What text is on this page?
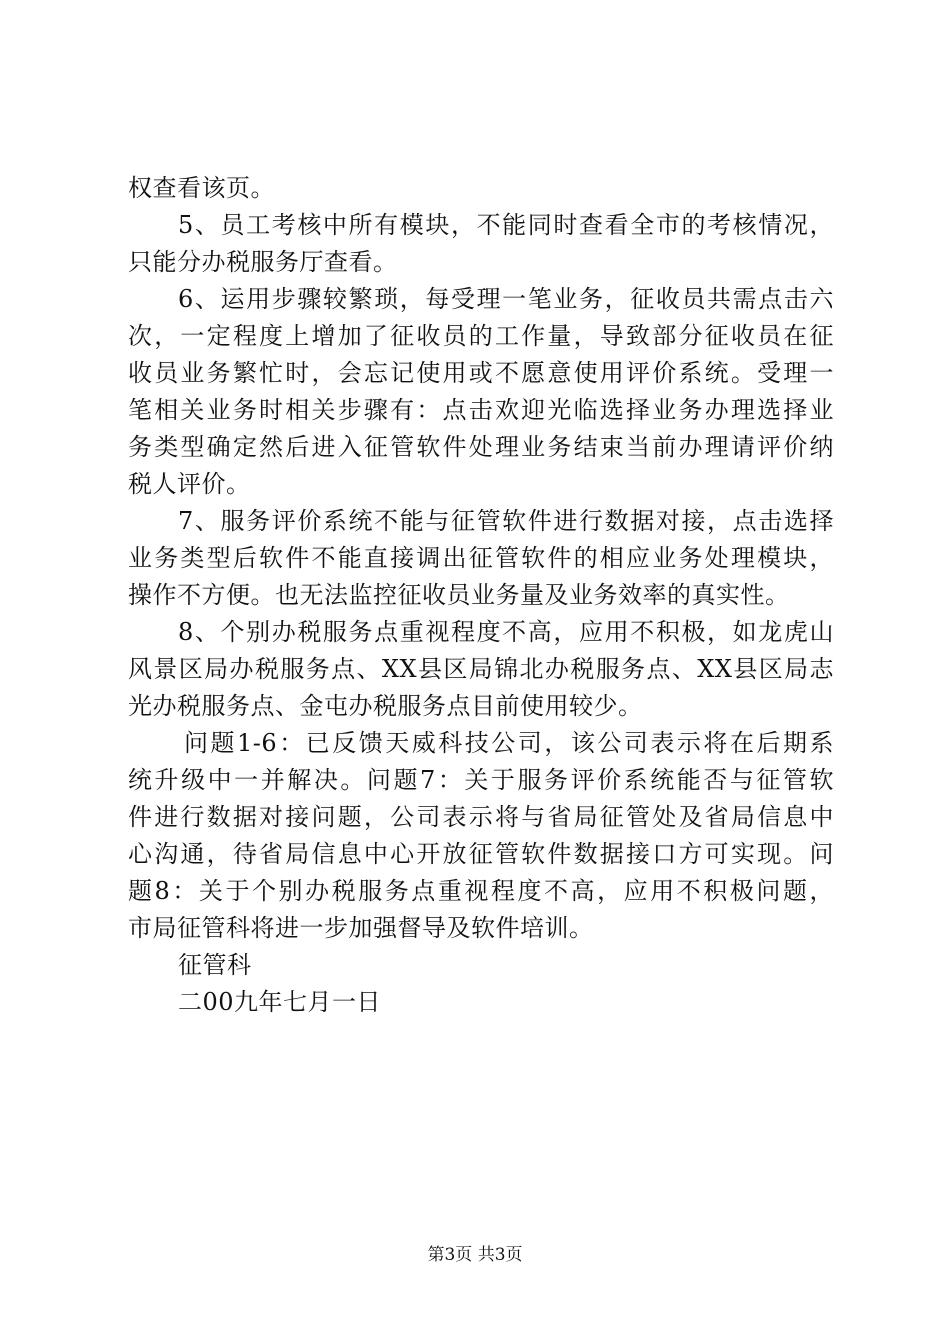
权查看该页。
5、员工考核中所有模块，不能同时查看全市的考核情况，
只能分办税服务厅查看。
6、运用步骤较繁琐，每受理一笔业务，征收员共需点击六
次，一定程度上增加了征收员的工作量，导致部分征收员在征
收员业务繁忙时，会忘记使用或不愿意使用评价系统。受理一
笔相关业务时相关步骤有：点击欢迎光临选择业务办理选择业
务类型确定然后进入征管软件处理业务结束当前办理请评价纳
税人评价。
7、服务评价系统不能与征管软件进行数据对接，点击选择
业务类型后软件不能直接调出征管软件的相应业务处理模块，
操作不方便。也无法监控征收员业务量及业务效率的真实性。
8、个别办税服务点重视程度不高，应用不积极，如龙虎山
风景区局办税服务点、XX县区局锦北办税服务点、XX县区局志
光办税服务点、金屯办税服务点目前使用较少。
问题1-6：已反馈天威科技公司，该公司表示将在后期系
统升级中一并解决。问题7：关于服务评价系统能否与征管软
件进行数据对接问题，公司表示将与省局征管处及省局信息中
心沟通，待省局信息中心开放征管软件数据接口方可实现。问
题8：关于个别办税服务点重视程度不高，应用不积极问题，
市局征管科将进一步加强督导及软件培训。
征管科
二00九年七月一日
第3页 共3页
